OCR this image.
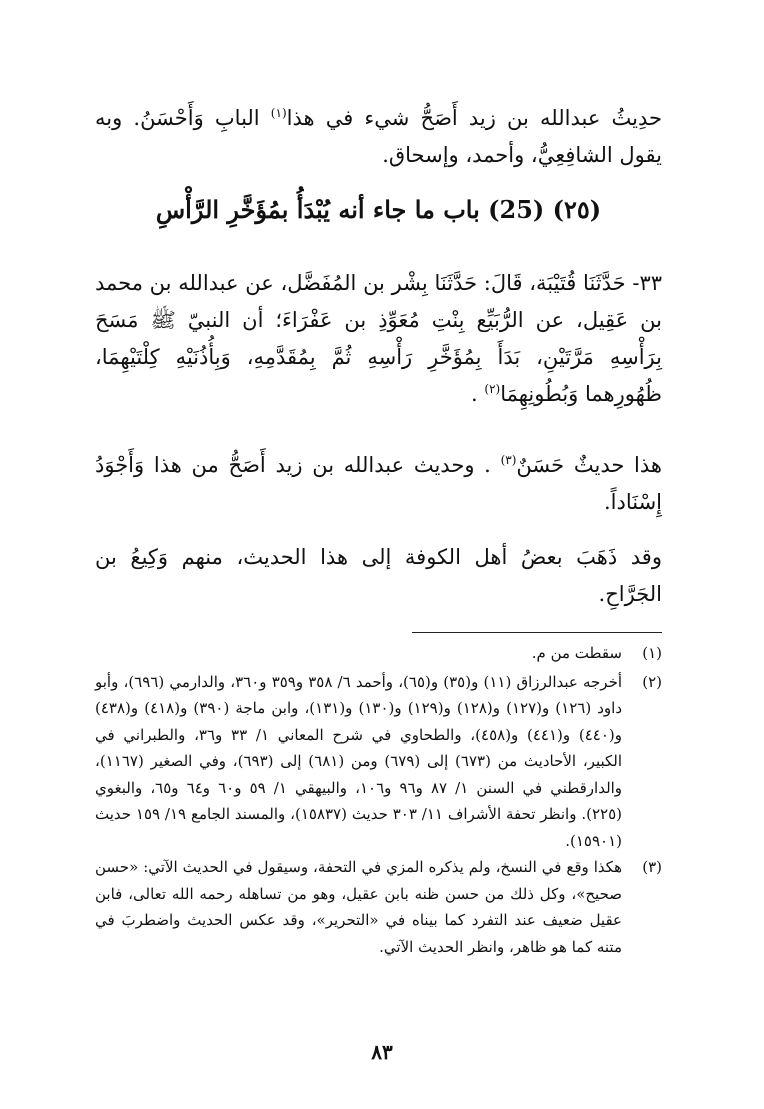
حدِيثُ عبدالله بن زيد أَصَحُّ شيء في هذا$^{(١)}$ البابِ وَأَحْسَنُ. وبه يقول الشافِعِيُّ، وأحمد، وإسحاق.
(٢٥) (25) باب ما جاء أنه يُبْدَأُ بمُؤَخَّرِ الرَّأْسِ
٣٣- حَدَّثَنَا قُتَيْبَة، قَالَ: حَدَّثَنَا بِشْر بن المُفَضَّل، عن عبدالله بن محمد بن عَقِيل، عن الرُّبَيِّع بِنْتِ مُعَوِّذِ بن عَفْرَاءَ؛ أن النبيّ ﷺ مَسَحَ بِرَأْسِهِ مَرَّتَيْنِ، بَدَأَ بِمُؤَخَّرِ رَأْسِهِ ثُمَّ بِمُقَدَّمِهِ، وَبِأُذُنَيْهِ كِلْتَيْهِمَا، ظُهُورِهما وَبُطُونِهِمَا$^{(٢)}$ .
هذا حديثٌ حَسَنٌ$^{(٣)}$ . وحديث عبدالله بن زيد أَصَحُّ من هذا وَأَجْوَدُ إِسْنَاداً.
وقد ذَهَبَ بعضُ أهل الكوفة إلى هذا الحديث، منهم وَكِيعُ بن الجَرَّاحِ.
(١)
سقطت من م.
(٢)
أخرجه عبدالرزاق (١١) و(٣٥) و(٦٥)، وأحمد ٦/ ٣٥٨ و٣٥٩ و٣٦٠، والدارمي (٦٩٦)، وأبو داود (١٢٦) و(١٢٧) و(١٢٨) و(١٢٩) و(١٣٠) و(١٣١)، وابن ماجة (٣٩٠) و(٤١٨) و(٤٣٨) و(٤٤٠) و(٤٤١) و(٤٥٨)، والطحاوي في شرح المعاني ١/ ٣٣ و٣٦، والطبراني في الكبير، الأحاديث من (٦٧٣) إلى (٦٧٩) ومن (٦٨١) إلى (٦٩٣)، وفي الصغير (١١٦٧)، والدارقطني في السنن ١/ ٨٧ و٩٦ و١٠٦، والبيهقي ١/ ٥٩ و٦٠ و٦٤ و٦٥، والبغوي (٢٢٥). وانظر تحفة الأشراف ١١/ ٣٠٣ حديث (١٥٨٣٧)، والمسند الجامع ١٩/ ١٥٩ حديث (١٥٩٠١).
(٣)
هكذا وقع في النسخ، ولم يذكره المزي في التحفة، وسيقول في الحديث الآتي: «حسن صحيح»، وكل ذلك من حسن ظنه بابن عقيل، وهو من تساهله رحمه الله تعالى، فابن عقيل ضعيف عند التفرد كما بيناه في «التحرير»، وقد عكس الحديث واضطربَ في متنه كما هو ظاهر، وانظر الحديث الآتي.
٨٣
